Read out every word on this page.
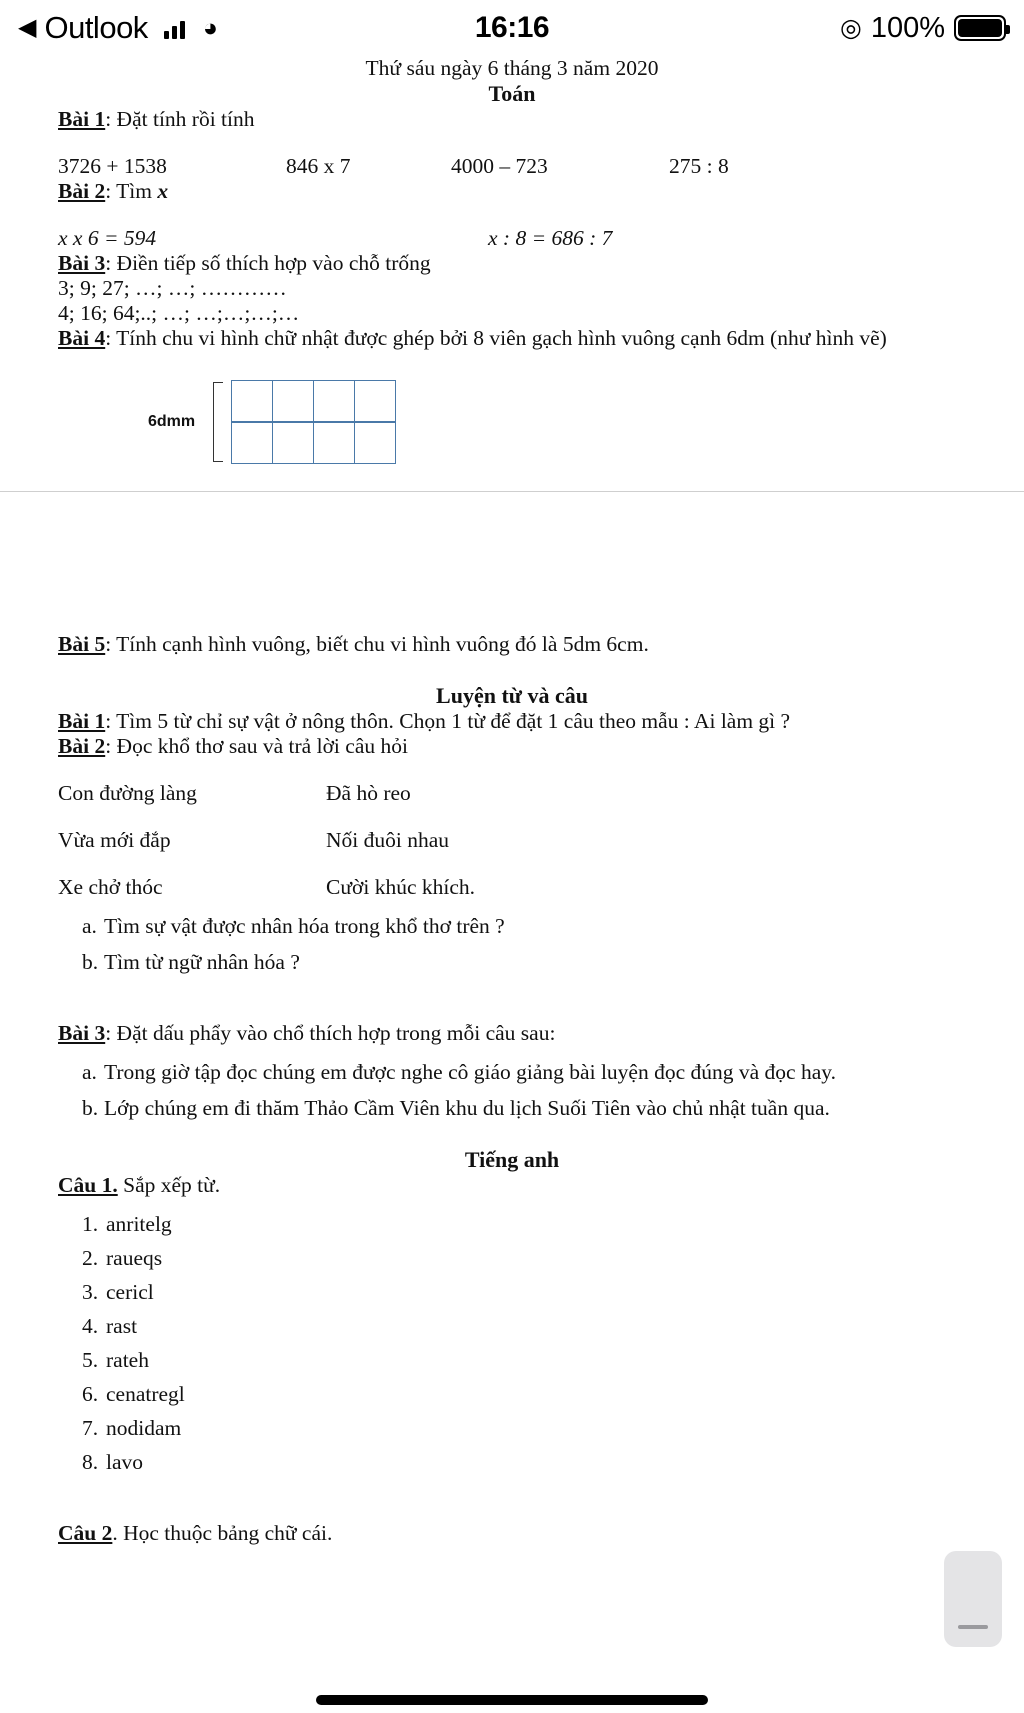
◀ Outlook ◕	16:16	◎ 100%

Thứ sáu ngày 6 tháng 3 năm 2020

Toán

Bài 1: Đặt tính rồi tính

3726 + 1538	846 x 7	4000 – 723	275 : 8

Bài 2: Tìm x

x x 6 = 594	x : 8 = 686 : 7

Bài 3: Điền tiếp số thích hợp vào chỗ trống

3; 9; 27; …; …; …………

4; 16; 64;..; …; …;…;…;…

Bài 4: Tính chu vi hình chữ nhật được ghép bởi 8 viên gạch hình vuông cạnh 6dm (như hình vẽ)

6dmm

Bài 5: Tính cạnh hình vuông, biết chu vi hình vuông đó là 5dm 6cm.

Luyện từ và câu

Bài 1: Tìm 5 từ chỉ sự vật ở nông thôn. Chọn 1 từ để đặt 1 câu theo mẫu : Ai làm gì ?

Bài 2: Đọc khổ thơ sau và trả lời câu hỏi

Con đường làng	Đã hò reo
Vừa mới đắp	Nối đuôi nhau
Xe chở thóc	Cười khúc khích.
a. Tìm sự vật được nhân hóa trong khổ thơ trên ?
b. Tìm từ ngữ nhân hóa ?

Bài 3: Đặt dấu phẩy vào chổ thích hợp trong mỗi câu sau:

a. Trong giờ tập đọc chúng em được nghe cô giáo giảng bài luyện đọc đúng và đọc hay.
b. Lớp chúng em đi thăm Thảo Cầm Viên khu du lịch Suối Tiên vào chủ nhật tuần qua.

Tiếng anh

Câu 1. Sắp xếp từ.

1. anritelg
2. raueqs
3. cericl
4. rast
5. rateh
6. cenatregl
7. nodidam
8. lavo

Câu 2. Học thuộc bảng chữ cái.
